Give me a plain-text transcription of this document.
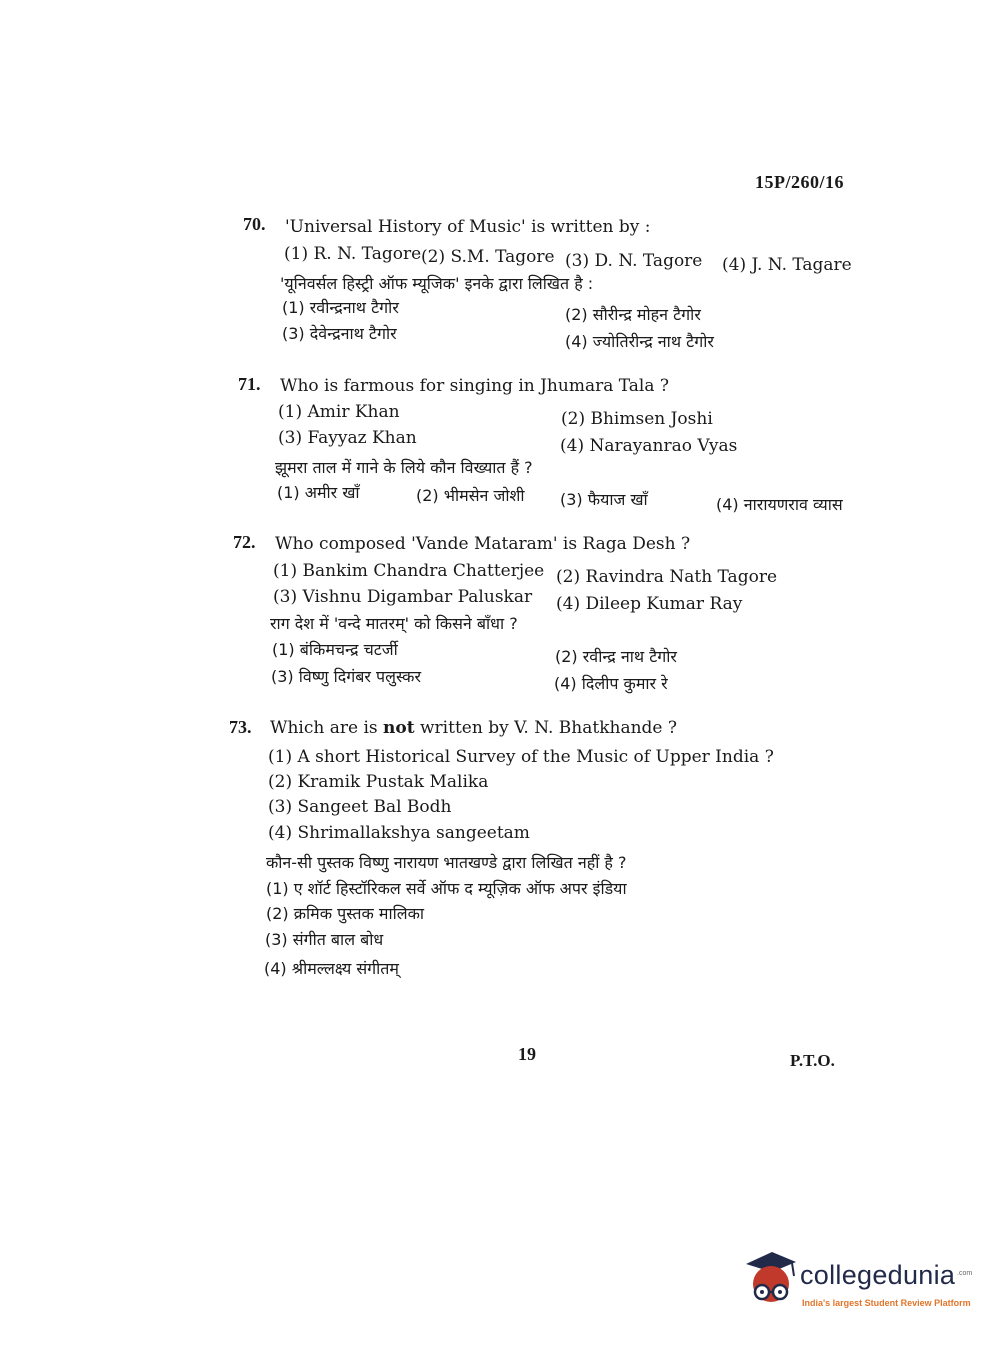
15P/260/16
70. 'Universal History of Music' is written by :
(1) R. N. Tagore (2) S.M. Tagore (3) D. N. Tagore (4) J. N. Tagare
'यूनिवर्सल हिस्ट्री ऑफ म्यूजिक' इनके द्वारा लिखित है :
(1) रवीन्द्रनाथ टैगोर	(2) सौरीन्द्र मोहन टैगोर
(3) देवेन्द्रनाथ टैगोर	(4) ज्योतिरीन्द्र नाथ टैगोर
71. Who is farmous for singing in Jhumara Tala ?
(1) Amir Khan	(2) Bhimsen Joshi
(3) Fayyaz Khan	(4) Narayanrao Vyas
झूमरा ताल में गाने के लिये कौन विख्यात हैं ?
(1) अमीर खाँ	(2) भीमसेन जोशी (3) फैयाज खाँ	(4) नारायणराव व्यास
72. Who composed 'Vande Mataram' is Raga Desh ?
(1) Bankim Chandra Chatterjee (2) Ravindra Nath Tagore
(3) Vishnu Digambar Paluskar (4) Dileep Kumar Ray
राग देश में 'वन्दे मातरम्' को किसने बाँधा ?
(1) बंकिमचन्द्र चटर्जी	(2) रवीन्द्र नाथ टैगोर
(3) विष्णु दिगंबर पलुस्कर	(4) दिलीप कुमार रे
73. Which are is not written by V. N. Bhatkhande ?
(1) A short Historical Survey of the Music of Upper India ?
(2) Kramik Pustak Malika
(3) Sangeet Bal Bodh
(4) Shrimallakshya sangeetam
कौन-सी पुस्तक विष्णु नारायण भातखण्डे द्वारा लिखित नहीं है ?
(1) ए शॉर्ट हिस्टॉरिकल सर्वे ऑफ द म्यूज़िक ऑफ अपर इंडिया
(2) क्रमिक पुस्तक मालिका
(3) संगीत बाल बोध
(4) श्रीमल्लक्ष्य संगीतम्
19	P.T.O.
collegedunia .com
India's largest Student Review Platform
